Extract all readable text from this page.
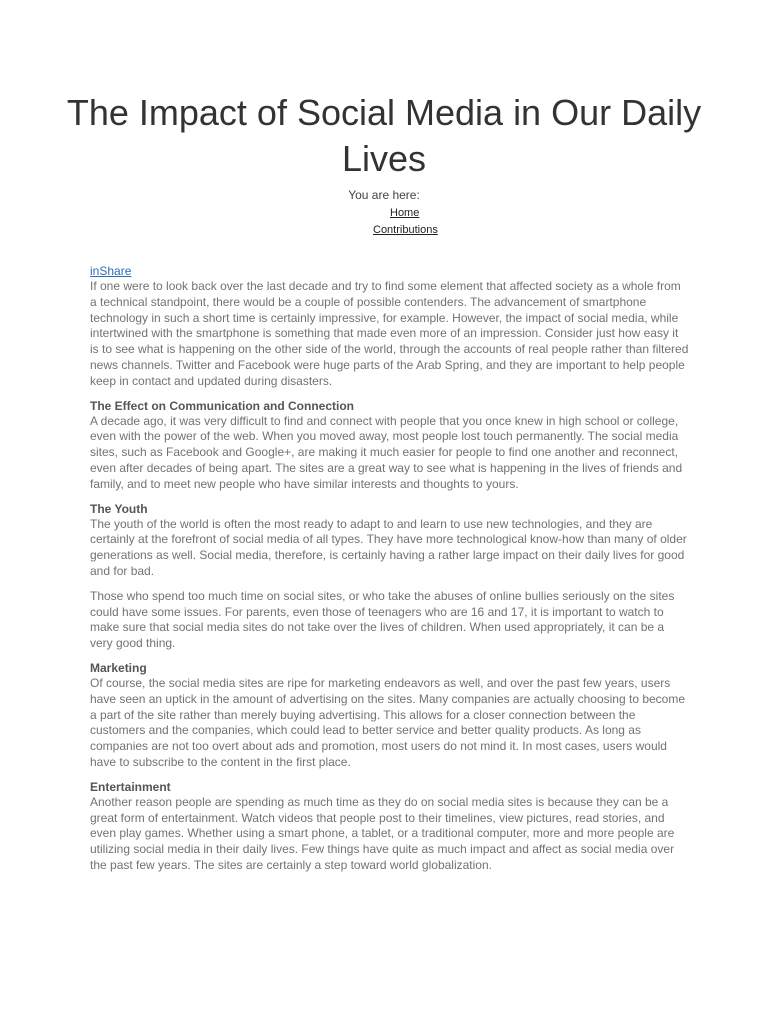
The Impact of Social Media in Our Daily Lives
You are here:
Home
Contributions
inShare

If one were to look back over the last decade and try to find some element that affected society as a whole from a technical standpoint, there would be a couple of possible contenders. The advancement of smartphone technology in such a short time is certainly impressive, for example. However, the impact of social media, while intertwined with the smartphone is something that made even more of an impression. Consider just how easy it is to see what is happening on the other side of the world, through the accounts of real people rather than filtered news channels. Twitter and Facebook were huge parts of the Arab Spring, and they are important to help people keep in contact and updated during disasters.

The Effect on Communication and Connection

A decade ago, it was very difficult to find and connect with people that you once knew in high school or college, even with the power of the web. When you moved away, most people lost touch permanently. The social media sites, such as Facebook and Google+, are making it much easier for people to find one another and reconnect, even after decades of being apart. The sites are a great way to see what is happening in the lives of friends and family, and to meet new people who have similar interests and thoughts to yours.

The Youth

The youth of the world is often the most ready to adapt to and learn to use new technologies, and they are certainly at the forefront of social media of all types. They have more technological know-how than many of older generations as well. Social media, therefore, is certainly having a rather large impact on their daily lives for good and for bad.

Those who spend too much time on social sites, or who take the abuses of online bullies seriously on the sites could have some issues. For parents, even those of teenagers who are 16 and 17, it is important to watch to make sure that social media sites do not take over the lives of children. When used appropriately, it can be a very good thing.

Marketing

Of course, the social media sites are ripe for marketing endeavors as well, and over the past few years, users have seen an uptick in the amount of advertising on the sites. Many companies are actually choosing to become a part of the site rather than merely buying advertising. This allows for a closer connection between the customers and the companies, which could lead to better service and better quality products. As long as companies are not too overt about ads and promotion, most users do not mind it. In most cases, users would have to subscribe to the content in the first place.

Entertainment

Another reason people are spending as much time as they do on social media sites is because they can be a great form of entertainment. Watch videos that people post to their timelines, view pictures, read stories, and even play games. Whether using a smart phone, a tablet, or a traditional computer, more and more people are utilizing social media in their daily lives. Few things have quite as much impact and affect as social media over the past few years. The sites are certainly a step toward world globalization.
